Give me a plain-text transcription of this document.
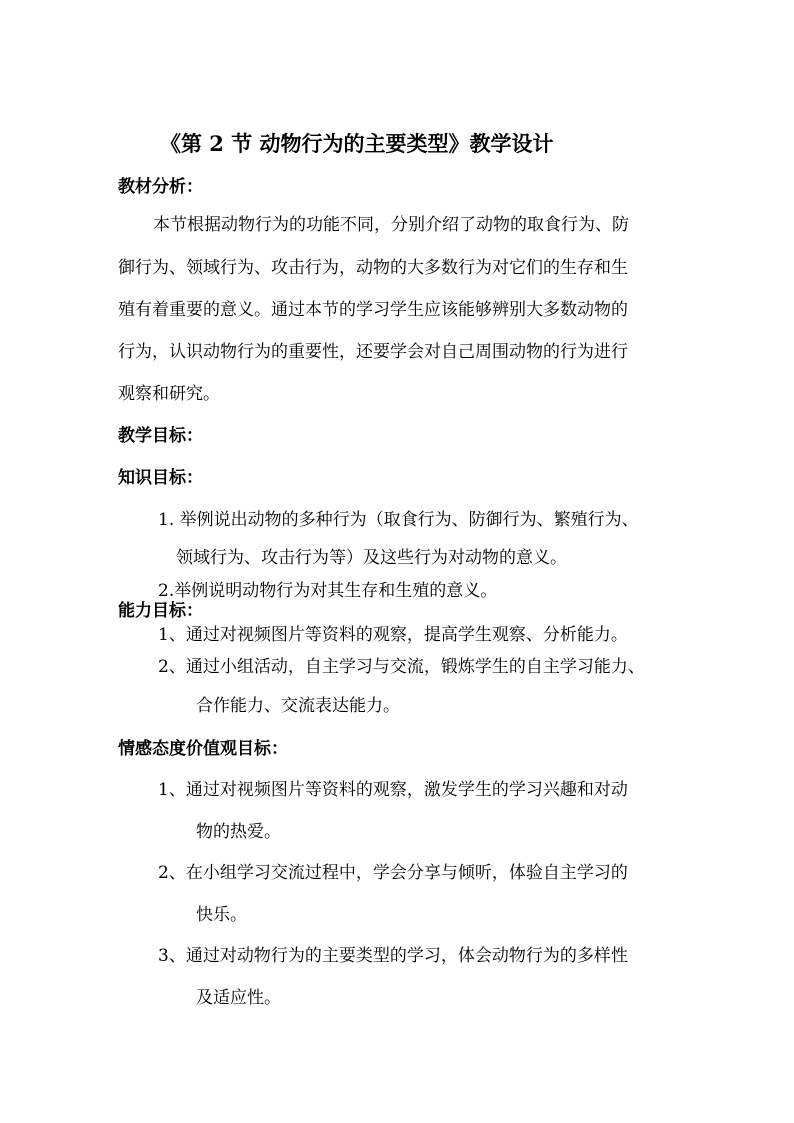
《第 2 节 动物行为的主要类型》教学设计
教材分析：
本节根据动物行为的功能不同，分别介绍了动物的取食行为、防
御行为、领域行为、攻击行为，动物的大多数行为对它们的生存和生
殖有着重要的意义。通过本节的学习学生应该能够辨别大多数动物的
行为，认识动物行为的重要性，还要学会对自己周围动物的行为进行
观察和研究。
教学目标：
知识目标：
1. 举例说出动物的多种行为（取食行为、防御行为、繁殖行为、
领域行为、攻击行为等）及这些行为对动物的意义。
2.举例说明动物行为对其生存和生殖的意义。
能力目标：
1、通过对视频图片等资料的观察，提高学生观察、分析能力。
2、通过小组活动，自主学习与交流，锻炼学生的自主学习能力、
合作能力、交流表达能力。
情感态度价值观目标：
1、通过对视频图片等资料的观察，激发学生的学习兴趣和对动
物的热爱。
2、在小组学习交流过程中，学会分享与倾听，体验自主学习的
快乐。
3、通过对动物行为的主要类型的学习，体会动物行为的多样性
及适应性。
